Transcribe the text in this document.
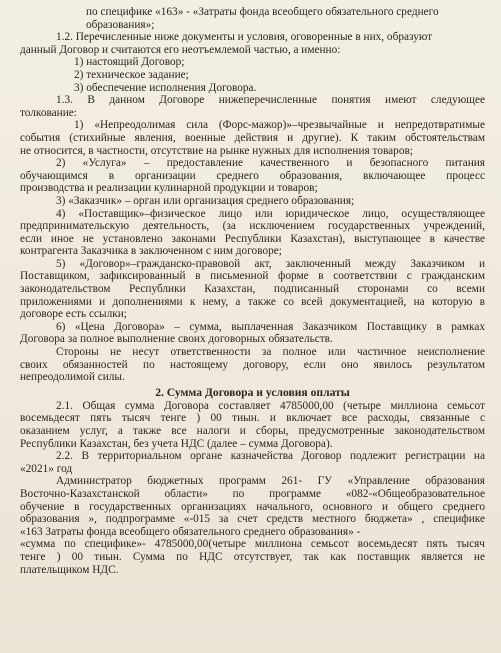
по специфике «163» - «Затраты фонда всеобщего обязательного среднего

образования»;

1.2. Перечисленные ниже документы и условия, оговоренные в них, образуют

данный Договор и считаются его неотъемлемой частью, а именно:

1) настоящий Договор;

2) техническое задание;

3) обеспечение исполнения Договора.

1.3. В данном Договоре нижеперечисленные понятия имеют следующее

толкование:

1) «Непреодолимая сила (Форс-мажор)»–чрезвычайные и непредотвратимые

события (стихийные явления, военные действия и другие). К таким обстоятельствам

не относится, в частности, отсутствие на рынке нужных для исполнения товаров;

2) «Услуга» – предоставление качественного и безопасного питания

обучающимся в организации среднего образования, включающее процесс

производства и реализации кулинарной продукции и товаров;

3) «Заказчик» – орган или организация среднего образования;

4) «Поставщик»–физическое лицо или юридическое лицо, осуществляющее

предпринимательскую деятельность, (за исключением государственных учреждений,

если иное не установлено законами Республики Казахстан), выступающее в качестве

контрагента Заказчика в заключенном с ним договоре;

5) «Договор»–гражданско-правовой акт, заключенный между Заказчиком и

Поставщиком, зафиксированный в письменной форме в соответствии с гражданским

законодательством Республики Казахстан, подписанный сторонами со всеми

приложениями и дополнениями к нему, а также со всей документацией, на которую в

договоре есть ссылки;

6) «Цена Договора» – сумма, выплаченная Заказчиком Поставщику в рамках

Договора за полное выполнение своих договорных обязательств.

Стороны не несут ответственности за полное или частичное неисполнение

своих обязанностей по настоящему договору, если оно явилось результатом

непреодолимой силы.

2. Сумма Договора и условия оплаты

2.1. Общая сумма Договора составляет 4785000,00 (четыре миллиона семьсот

восемьдесят пять тысяч тенге ) 00 тиын. и включает все расходы, связанные с

оказанием услуг, а также все налоги и сборы, предусмотренные законодательством

Республики Казахстан, без учета НДС (далее – сумма Договора).

2.2. В территориальном органе казначейства Договор подлежит регистрации на

«2021» год

Администратор бюджетных программ 261- ГУ «Управление образования

Восточно-Казахстанской области» по программе «082-«Общеобразовательное

обучение в государственных организациях начального, основного и общего среднего

образования », подпрограмме «-015 за счет средств местного бюджета» , специфике

«163 Затраты фонда всеобщего обязательного среднего образования» -

«сумма по специфике»- 4785000,00(четыре миллиона семьсот восемьдесят пять тысяч

тенге ) 00 тиын. Сумма по НДС отсутствует, так как поставщик является не

плательщиком НДС.
